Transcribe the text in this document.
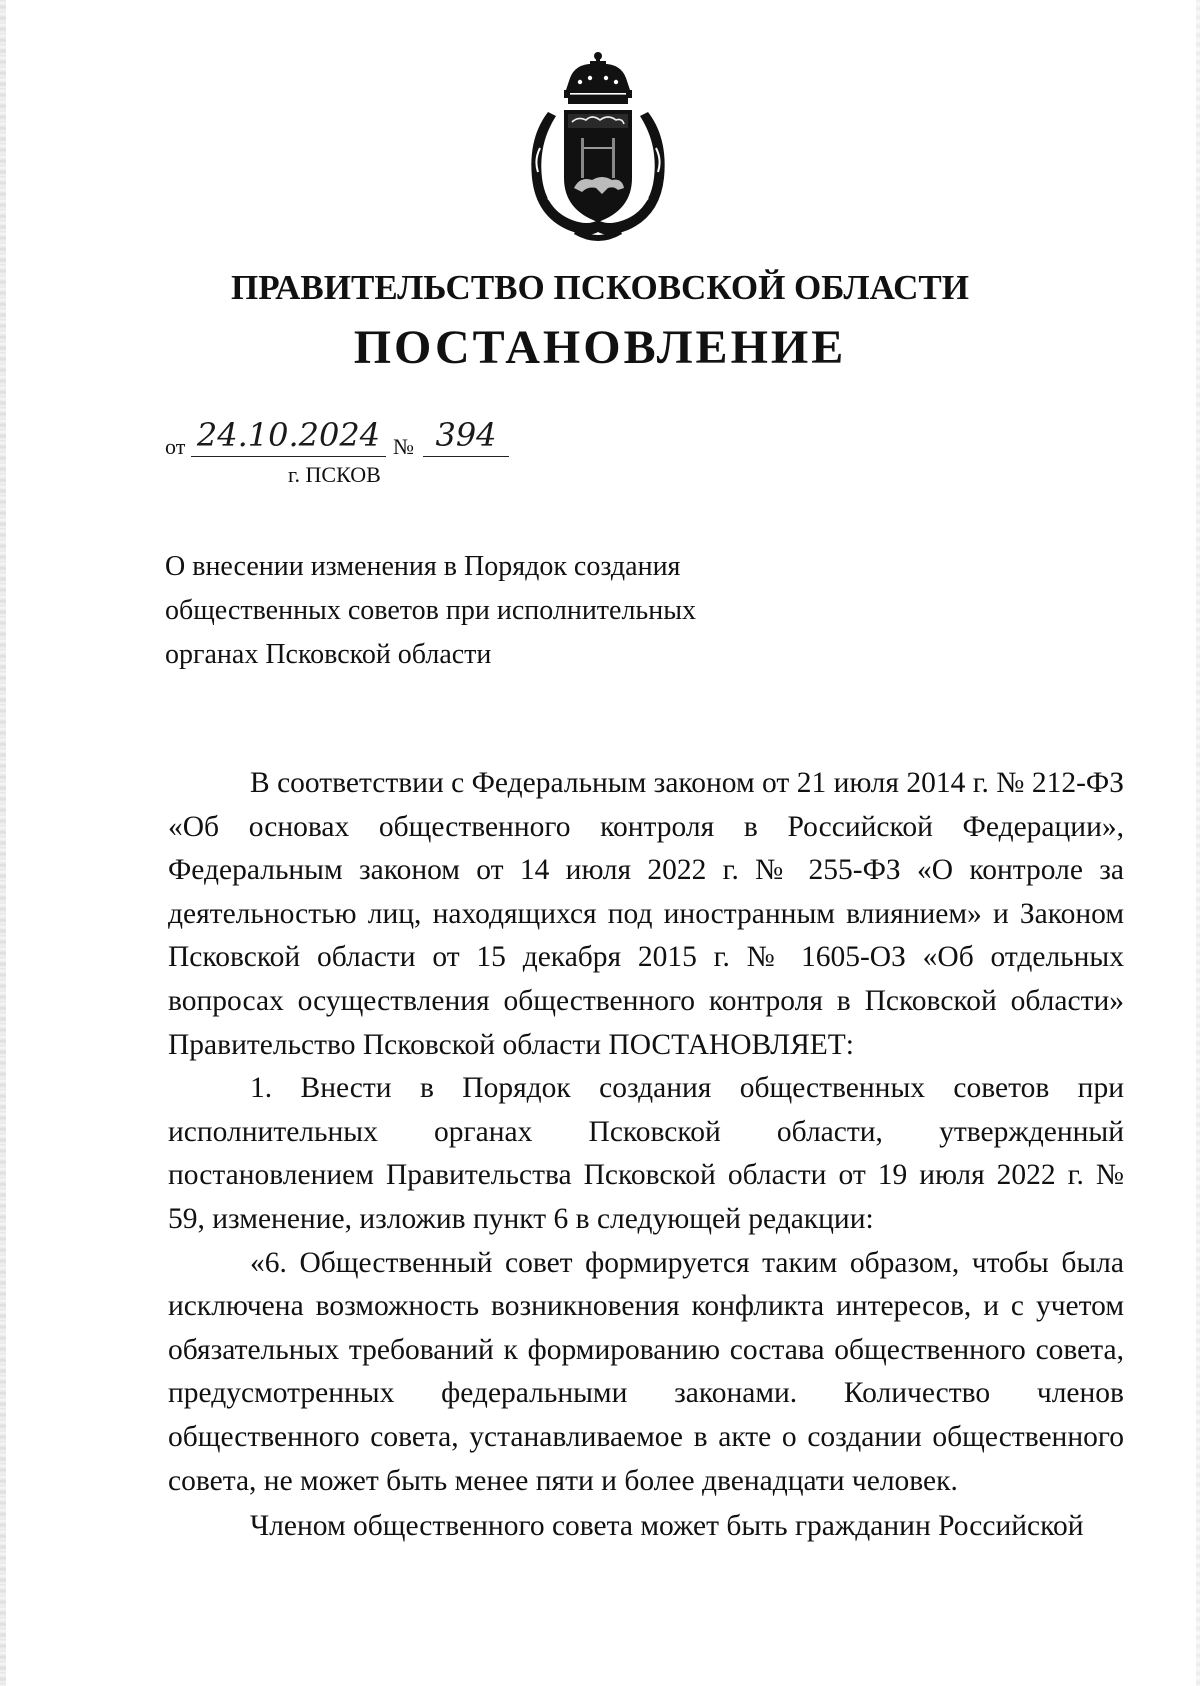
ПРАВИТЕЛЬСТВО ПСКОВСКОЙ ОБЛАСТИ
ПОСТАНОВЛЕНИЕ
от 24.10.2024 № 394
г. ПСКОВ
О внесении изменения в Порядок создания
общественных советов при исполнительных
органах Псковской области

В соответствии с Федеральным законом от 21 июля 2014 г. № 212-ФЗ «Об основах общественного контроля в Российской Федерации», Федеральным законом от 14 июля 2022 г. № 255-ФЗ «О контроле за деятельностью лиц, находящихся под иностранным влиянием» и Законом Псковской области от 15 декабря 2015 г. № 1605-ОЗ «Об отдельных вопросах осуществления общественного контроля в Псковской области» Правительство Псковской области ПОСТАНОВЛЯЕТ:

1. Внести в Порядок создания общественных советов при исполнительных органах Псковской области, утвержденный постановлением Правительства Псковской области от 19 июля 2022 г. № 59, изменение, изложив пункт 6 в следующей редакции:

«6. Общественный совет формируется таким образом, чтобы была исключена возможность возникновения конфликта интересов, и с учетом обязательных требований к формированию состава общественного совета, предусмотренных федеральными законами. Количество членов общественного совета, устанавливаемое в акте о создании общественного совета, не может быть менее пяти и более двенадцати человек.

Членом общественного совета может быть гражданин Российской
